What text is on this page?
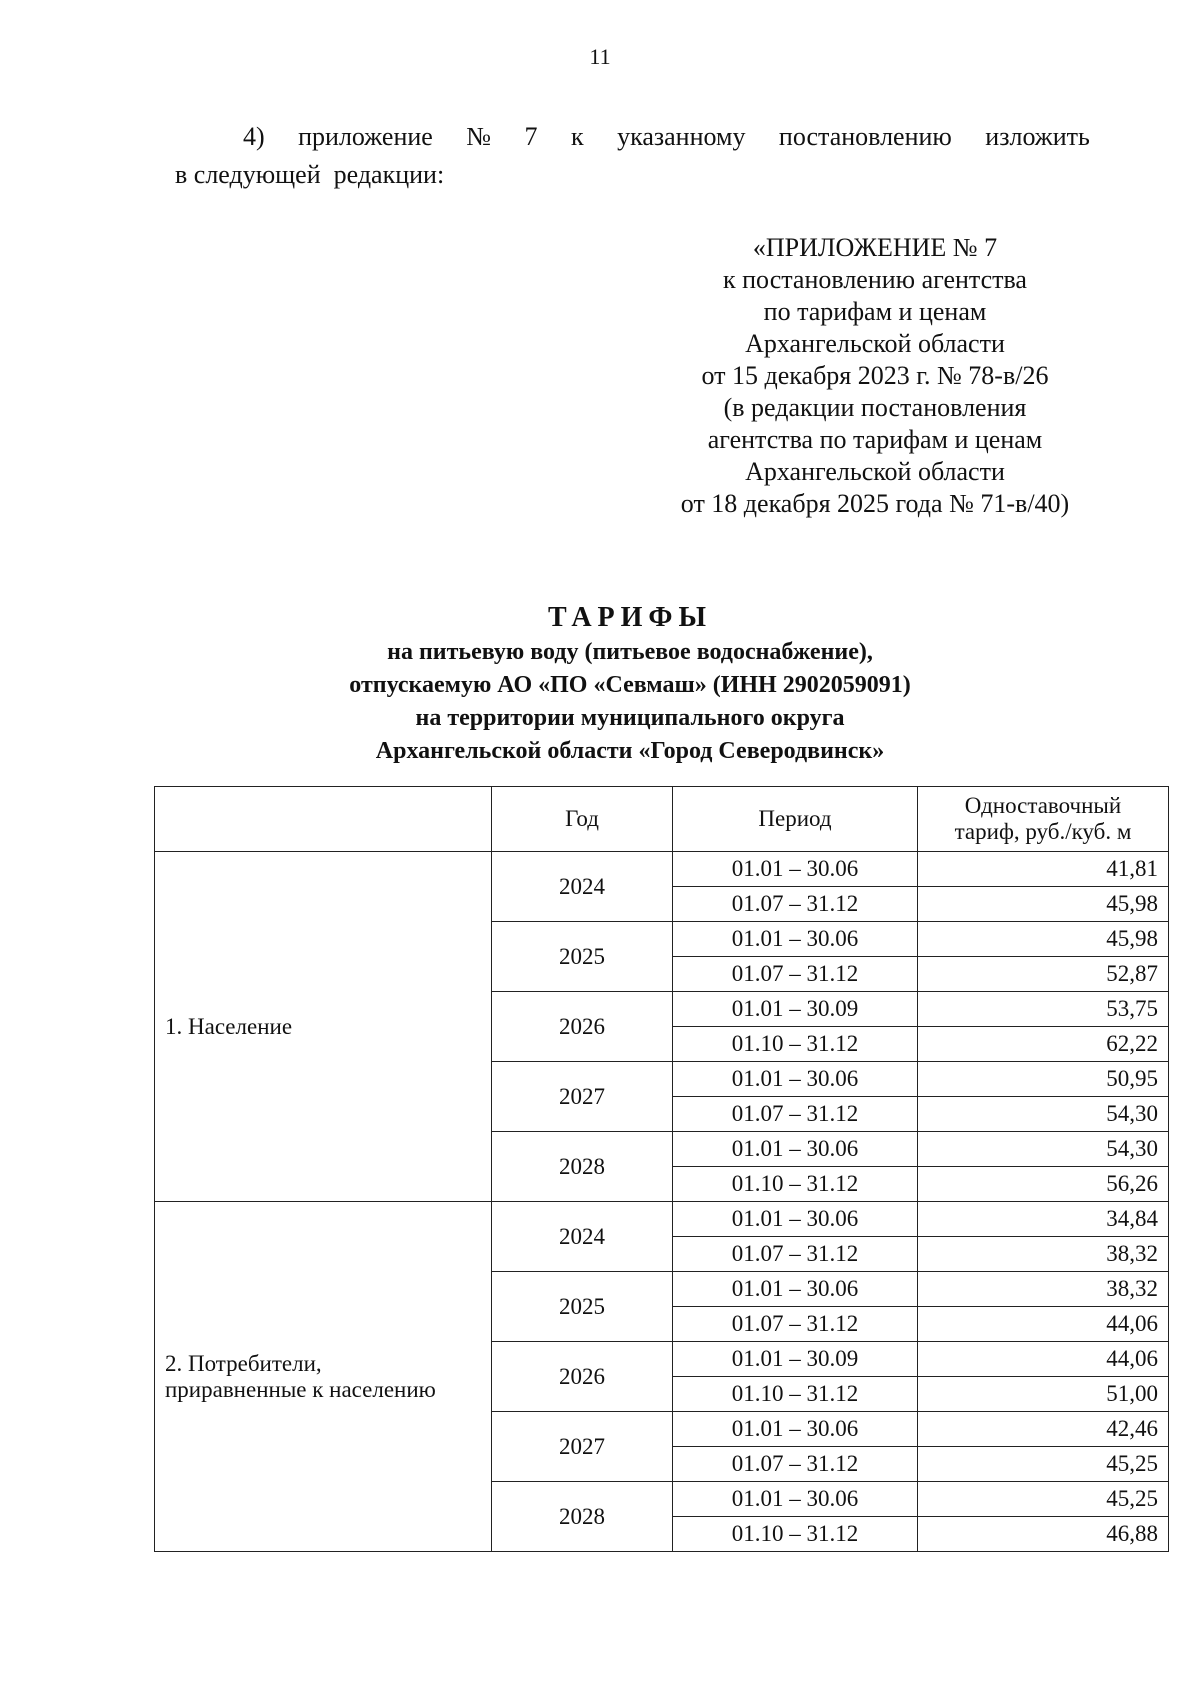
11
4) приложение № 7 к указанному постановлению изложить
в следующей  редакции:
«ПРИЛОЖЕНИЕ № 7
к постановлению агентства
по тарифам и ценам
Архангельской области
от 15 декабря 2023 г. № 78-в/26
(в редакции постановления
агентства по тарифам и ценам
Архангельской области
от 18 декабря 2025 года № 71-в/40)
ТАРИФЫ
на питьевую воду (питьевое водоснабжение),
отпускаемую АО «ПО «Севмаш» (ИНН 2902059091)
на территории муниципального округа
Архангельской области «Город Северодвинск»
	Год	Период	Одноставочный
тариф, руб./куб. м

1. Население	2024	01.01 – 30.06	41,81
		01.07 – 31.12	45,98
	2025	01.01 – 30.06	45,98
		01.07 – 31.12	52,87
	2026	01.01 – 30.09	53,75
		01.10 – 31.12	62,22
	2027	01.01 – 30.06	50,95
		01.07 – 31.12	54,30
	2028	01.01 – 30.06	54,30
		01.10 – 31.12	56,26

2. Потребители,
приравненные к населению	2024	01.01 – 30.06	34,84
		01.07 – 31.12	38,32
	2025	01.01 – 30.06	38,32
		01.07 – 31.12	44,06
	2026	01.01 – 30.09	44,06
		01.10 – 31.12	51,00
	2027	01.01 – 30.06	42,46
		01.07 – 31.12	45,25
	2028	01.01 – 30.06	45,25
		01.10 – 31.12	46,88
